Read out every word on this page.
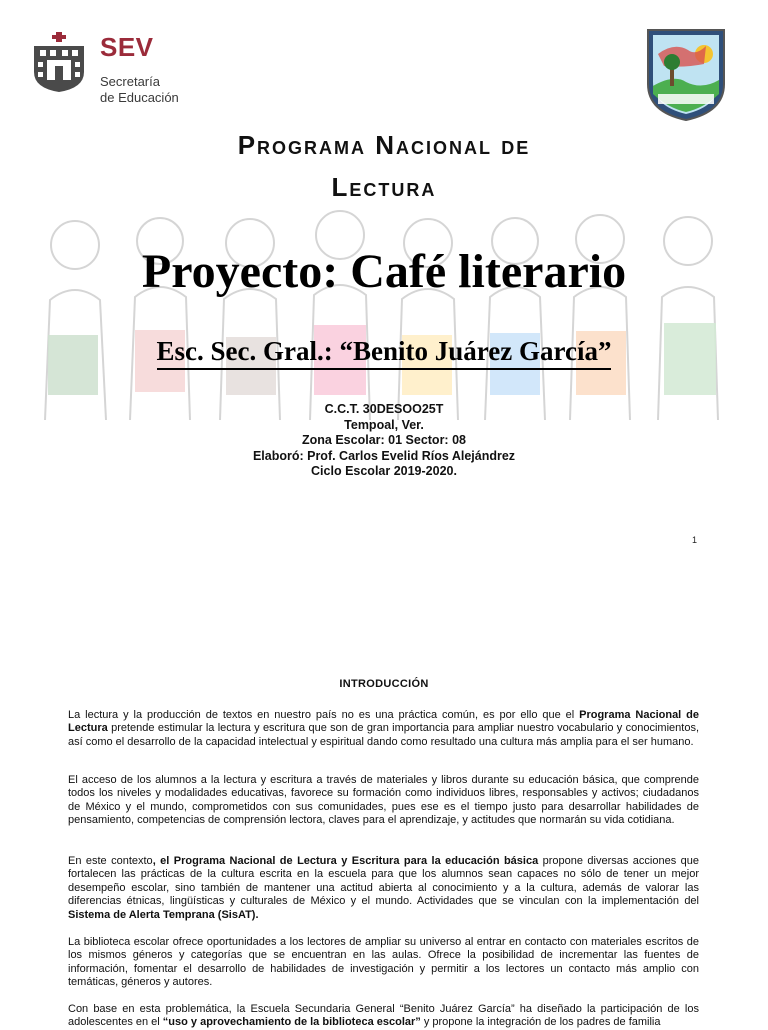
SEV
Secretaría
de Educación
Programa Nacional de
Lectura
Proyecto: Café literario
Esc. Sec. Gral.: “Benito Juárez García”
C.C.T. 30DESOO25T
Tempoal, Ver.
Zona Escolar: 01 Sector: 08
Elaboró: Prof. Carlos Evelid Ríos Alejándrez
Ciclo Escolar 2019-2020.
1
INTRODUCCIÓN
La lectura y la producción de textos en nuestro país no es una práctica común, es por ello que el Programa Nacional de Lectura pretende estimular la lectura y escritura que son de gran importancia para ampliar nuestro vocabulario y conocimientos, así como el desarrollo de la capacidad intelectual y espiritual dando como resultado una cultura más amplia para el ser humano.
El acceso de los alumnos a la lectura y escritura a través de materiales y libros durante su educación básica, que comprende todos los niveles y modalidades educativas, favorece su formación como individuos libres, responsables y activos; ciudadanos de México y el mundo, comprometidos con sus comunidades, pues ese es el tiempo justo para desarrollar habilidades de pensamiento, competencias de comprensión lectora, claves para el aprendizaje, y actitudes que normarán su vida cotidiana.
En este contexto, el Programa Nacional de Lectura y Escritura para la educación básica propone diversas acciones que fortalecen las prácticas de la cultura escrita en la escuela para que los alumnos sean capaces no sólo de tener un mejor desempeño escolar, sino también de mantener una actitud abierta al conocimiento y a la cultura, además de valorar las diferencias étnicas, lingüísticas y culturales de México y el mundo. Actividades que se vinculan con la implementación del Sistema de Alerta Temprana (SisAT).
La biblioteca escolar ofrece oportunidades a los lectores de ampliar su universo al entrar en contacto con materiales escritos de los mismos géneros y categorías que se encuentran en las aulas. Ofrece la posibilidad de incrementar las fuentes de información, fomentar el desarrollo de habilidades de investigación y permitir a los lectores un contacto más amplio con temáticas, géneros y autores.
Con base en esta problemática, la Escuela Secundaria General “Benito Juárez García” ha diseñado la participación de los adolescentes en el “uso y aprovechamiento de la biblioteca escolar” y propone la integración de los padres de familia
